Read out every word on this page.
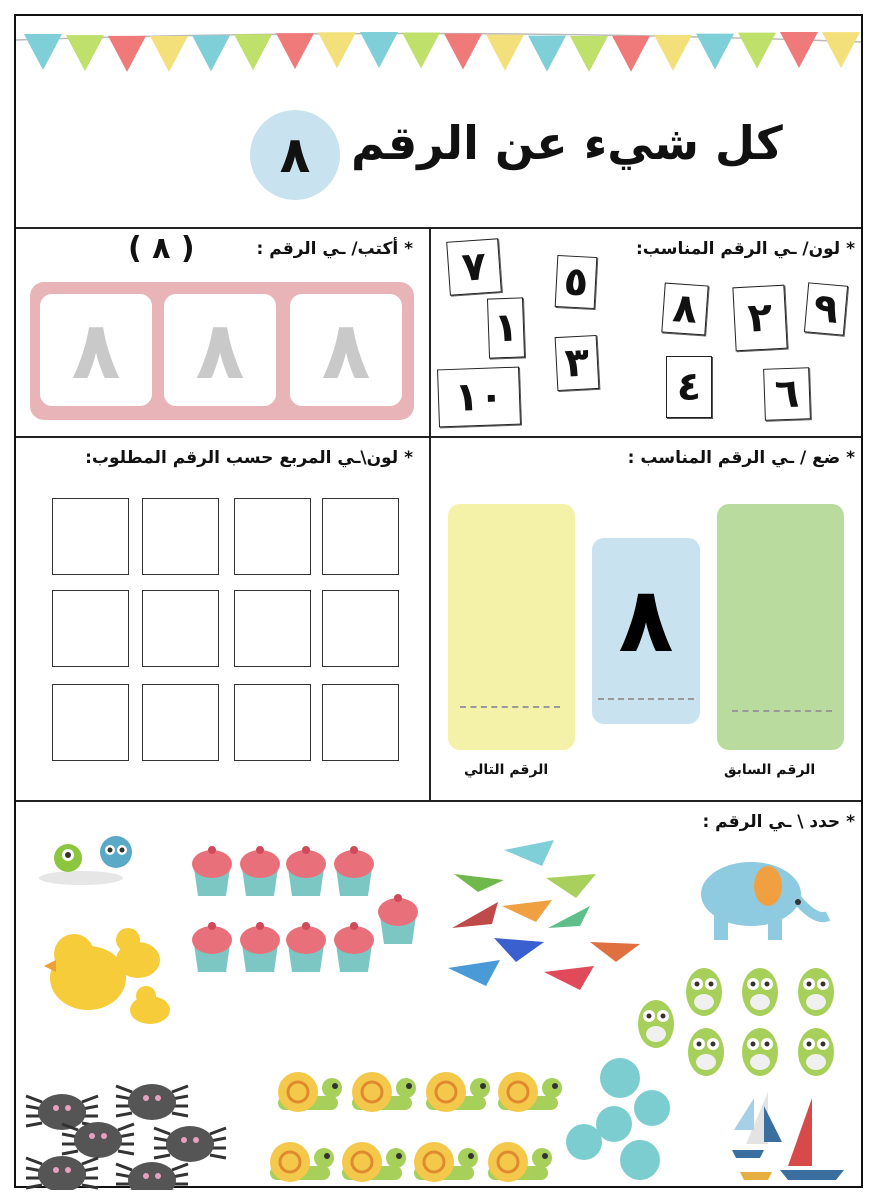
كل شيء عن الرقم
٨
* لون/ ـي الرقم المناسب:
٧	٥
٨
٣
٩
١	٢
٤ ٦
١٠
* أكتب/ ـي الرقم :
( ٨ )
٨ ٨ ٨
* ضع / ـي الرقم المناسب :
٨
الرقم التالي	الرقم السابق
* لون\ـي المربع حسب الرقم المطلوب:
* حدد \ ـي الرقم :
